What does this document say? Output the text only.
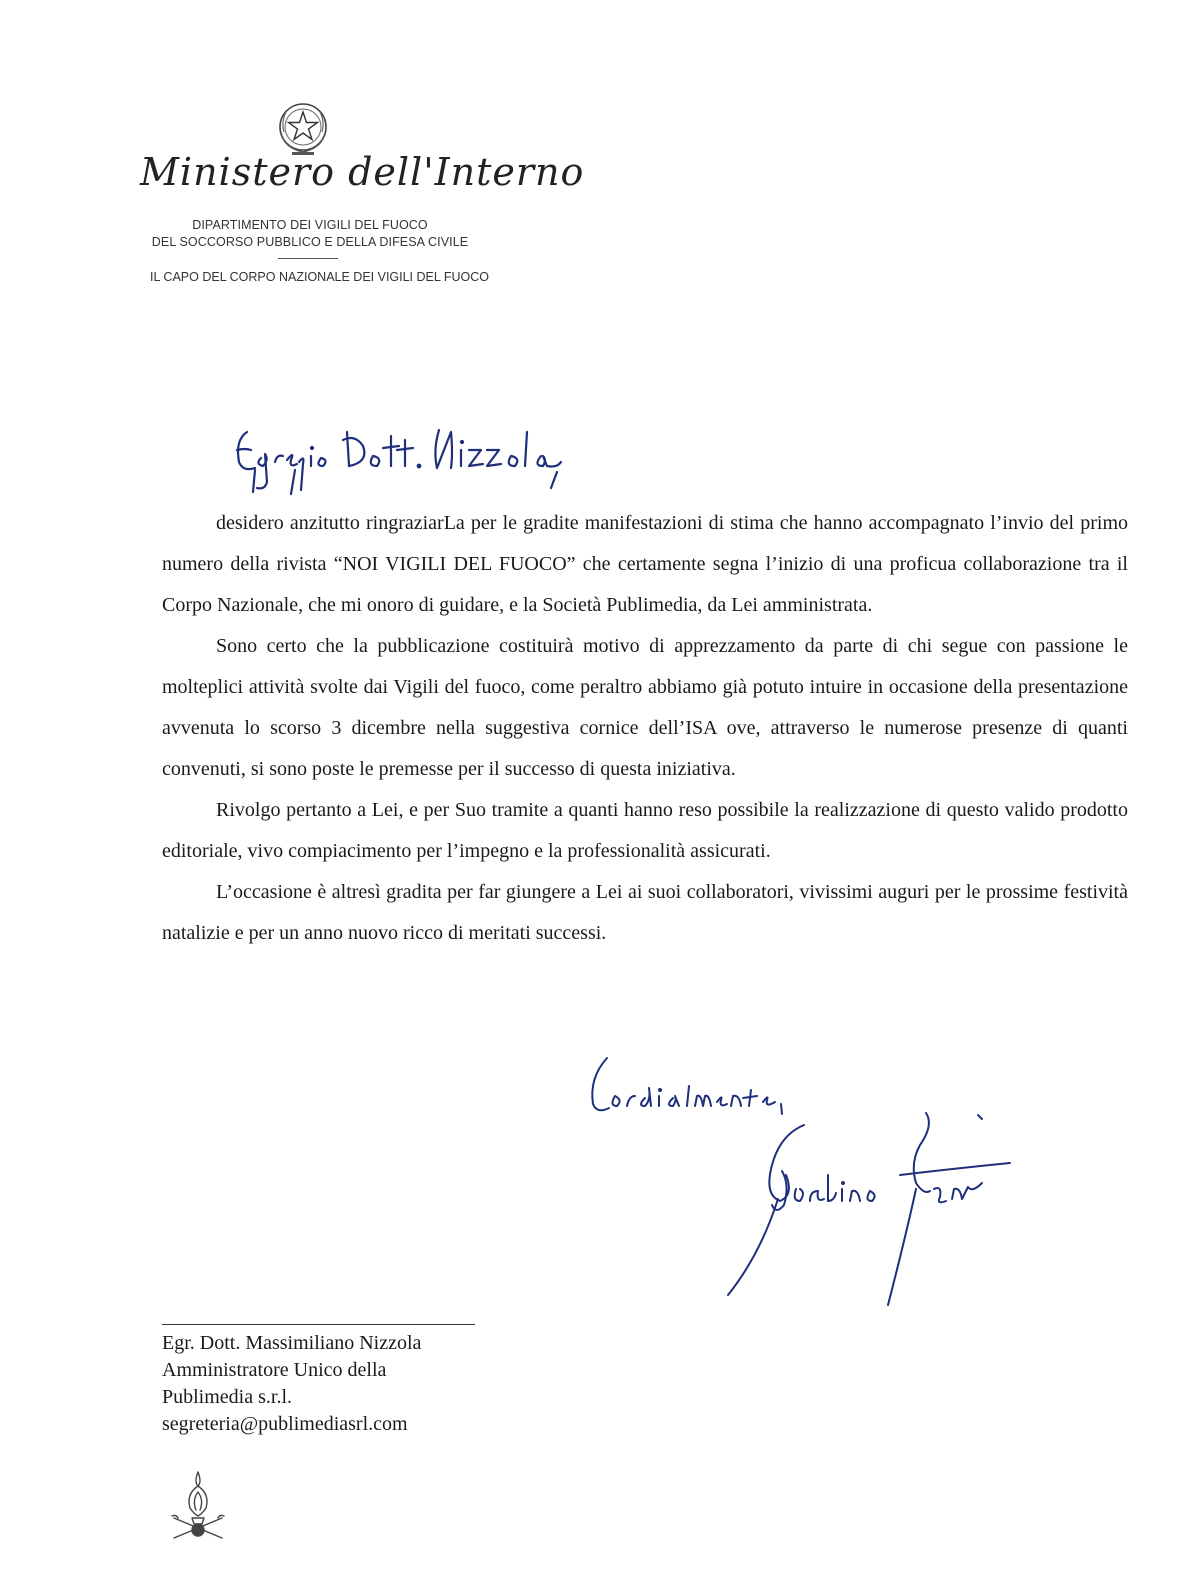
Ministero dell'Interno
DIPARTIMENTO DEI VIGILI DEL FUOCO
DEL SOCCORSO PUBBLICO E DELLA DIFESA CIVILE
IL CAPO DEL CORPO NAZIONALE DEI VIGILI DEL FUOCO

desidero anzitutto ringraziarLa per le gradite manifestazioni di stima che hanno accompagnato l’invio del primo numero della rivista “NOI VIGILI DEL FUOCO” che certamente segna l’inizio di una proficua collaborazione tra il Corpo Nazionale, che mi onoro di guidare, e la Società Publimedia, da Lei amministrata.

Sono certo che la pubblicazione costituirà motivo di apprezzamento da parte di chi segue con passione le molteplici attività svolte dai Vigili del fuoco, come peraltro abbiamo già potuto intuire in occasione della presentazione avvenuta lo scorso 3 dicembre nella suggestiva cornice dell’ISA ove, attraverso le numerose presenze di quanti convenuti, si sono poste le premesse per il successo di questa iniziativa.

Rivolgo pertanto a Lei, e per Suo tramite a quanti hanno reso possibile la realizzazione di questo valido prodotto editoriale, vivo compiacimento per l’impegno e la professionalità assicurati.

L’occasione è altresì gradita per far giungere a Lei ai suoi collaboratori, vivissimi auguri per le prossime festività natalizie e per un anno nuovo ricco di meritati successi.

Egr. Dott. Massimiliano Nizzola
Amministratore Unico della
Publimedia s.r.l.
segreteria@publimediasrl.com
